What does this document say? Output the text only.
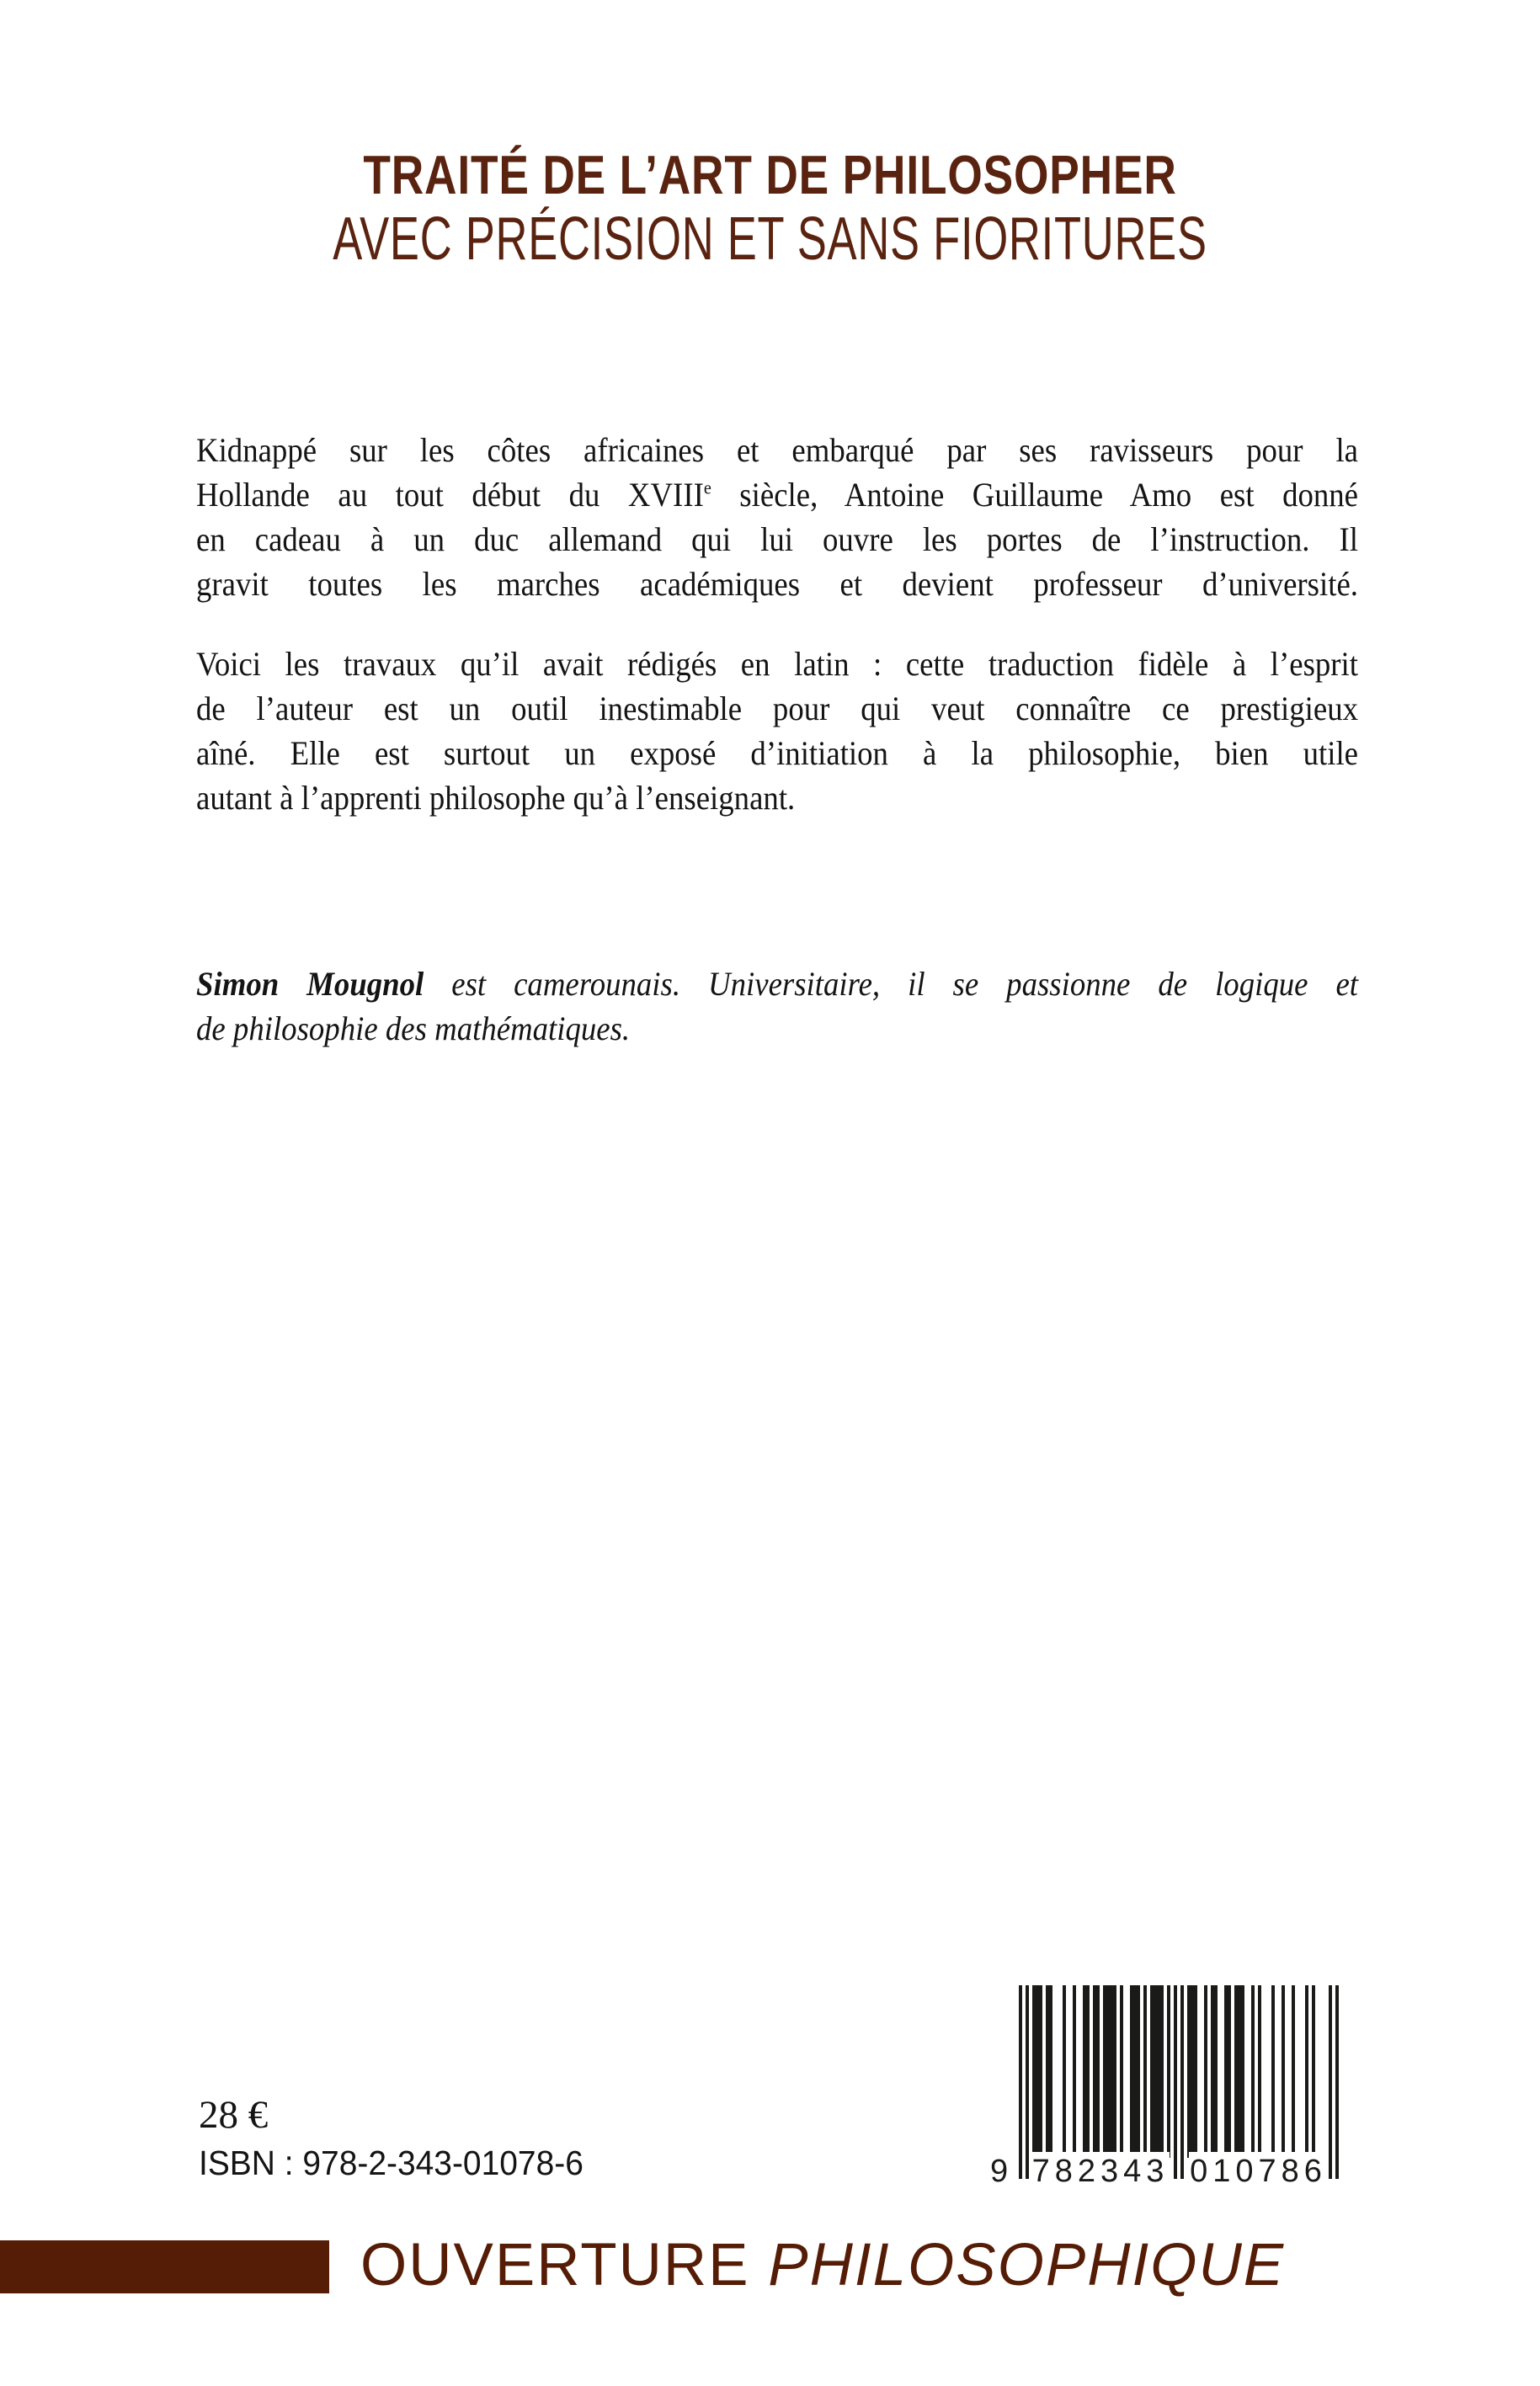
TRAITÉ DE L’ART DE PHILOSOPHER
AVEC PRÉCISION ET SANS FIORITURES
Kidnappé sur les côtes africaines et embarqué par ses ravisseurs pour la
Hollande au tout début du XVIIIe siècle, Antoine Guillaume Amo est donné
en cadeau à un duc allemand qui lui ouvre les portes de l’instruction. Il
gravit toutes les marches académiques et devient professeur d’université.
Voici les travaux qu’il avait rédigés en latin : cette traduction fidèle à l’esprit
de l’auteur est un outil inestimable pour qui veut connaître ce prestigieux
aîné. Elle est surtout un exposé d’initiation à la philosophie, bien utile
autant à l’apprenti philosophe qu’à l’enseignant.
Simon Mougnol est camerounais. Universitaire, il se passionne de logique et
de philosophie des mathématiques.
28 €
ISBN : 978-2-343-01078-6	9 782343 010786
OUVERTURE PHILOSOPHIQUE
